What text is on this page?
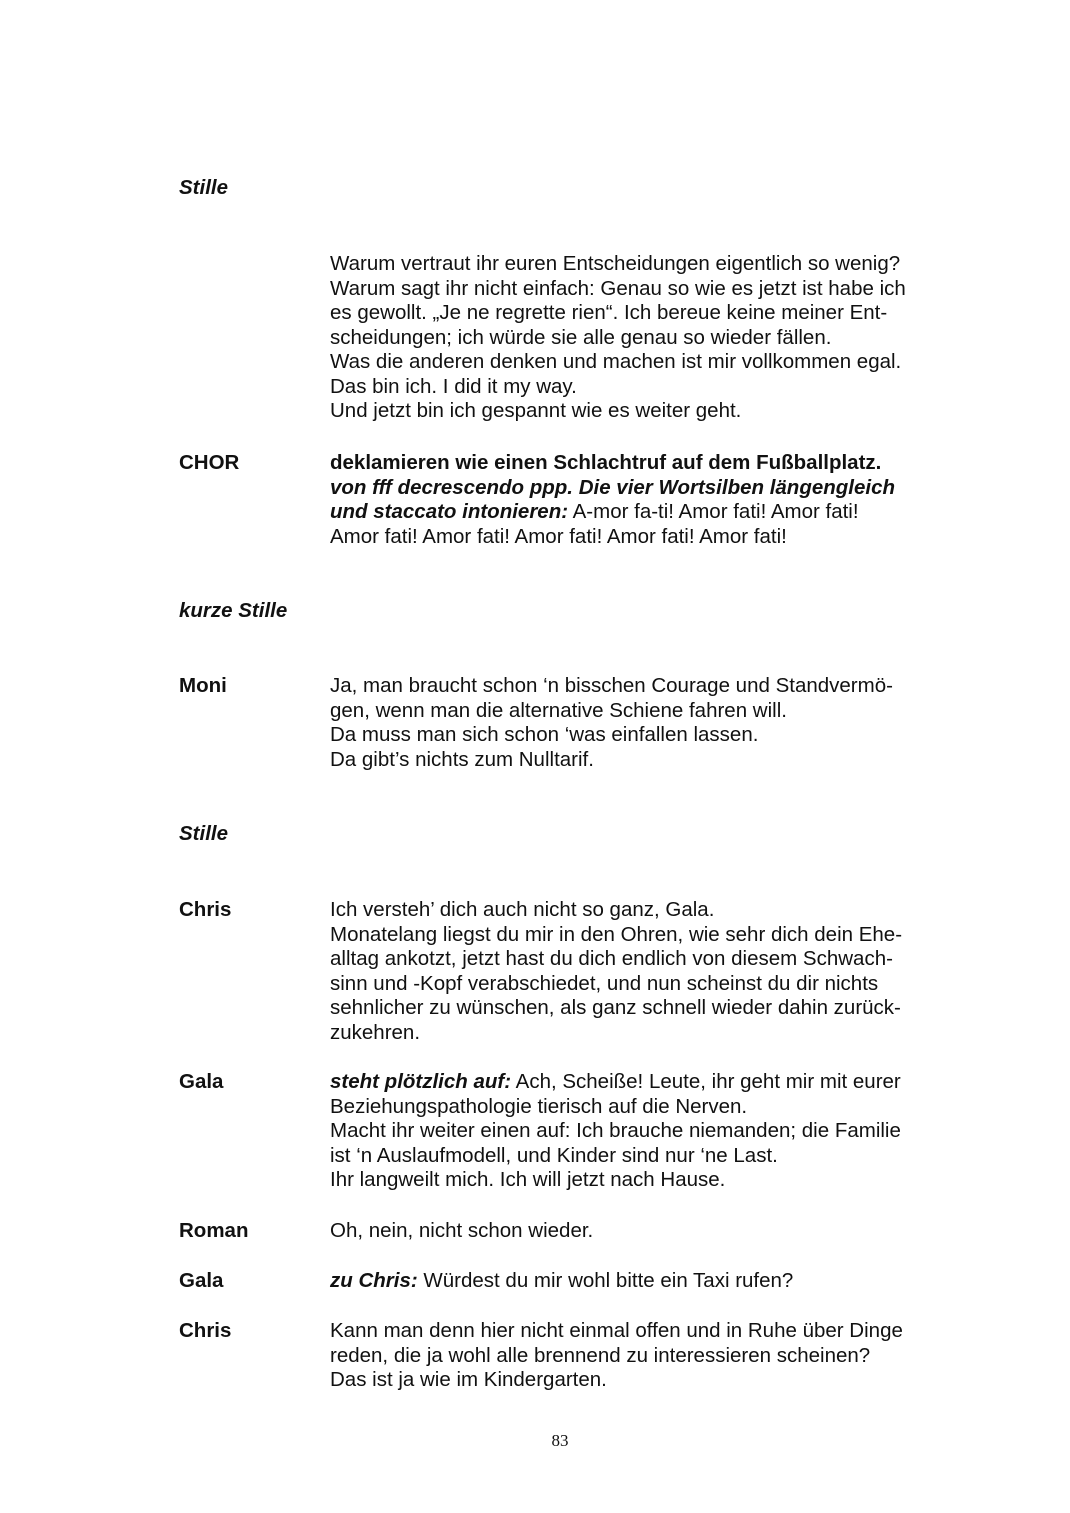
Stille
Warum vertraut ihr euren Entscheidungen eigentlich so wenig?
Warum sagt ihr nicht einfach: Genau so wie es jetzt ist habe ich
es gewollt. „Je ne regrette rien“. Ich bereue keine meiner Ent-
scheidungen; ich würde sie alle genau so wieder fällen.
Was die anderen denken und machen ist mir vollkommen egal.
Das bin ich. I did it my way.
Und jetzt bin ich gespannt wie es weiter geht.
CHOR	deklamieren wie einen Schlachtruf auf dem Fußballplatz.
von fff decrescendo ppp. Die vier Wortsilben längengleich
und staccato intonieren: A-mor fa-ti! Amor fati! Amor fati!
Amor fati! Amor fati! Amor fati! Amor fati! Amor fati!
kurze Stille
Moni	Ja, man braucht schon ‘n bisschen Courage und Standvermö-
gen, wenn man die alternative Schiene fahren will.
Da muss man sich schon ‘was einfallen lassen.
Da gibt’s nichts zum Nulltarif.
Stille
Chris	Ich versteh’ dich auch nicht so ganz, Gala.
Monatelang liegst du mir in den Ohren, wie sehr dich dein Ehe-
alltag ankotzt, jetzt hast du dich endlich von diesem Schwach-
sinn und -Kopf verabschiedet, und nun scheinst du dir nichts
sehnlicher zu wünschen, als ganz schnell wieder dahin zurück-
zukehren.
Gala	steht plötzlich auf: Ach, Scheiße! Leute, ihr geht mir mit eurer
Beziehungspathologie tierisch auf die Nerven.
Macht ihr weiter einen auf: Ich brauche niemanden; die Familie
ist ‘n Auslaufmodell, und Kinder sind nur ‘ne Last.
Ihr langweilt mich. Ich will jetzt nach Hause.
Roman	Oh, nein, nicht schon wieder.
Gala	zu Chris: Würdest du mir wohl bitte ein Taxi rufen?
Chris	Kann man denn hier nicht einmal offen und in Ruhe über Dinge
reden, die ja wohl alle brennend zu interessieren scheinen?
Das ist ja wie im Kindergarten.
83
